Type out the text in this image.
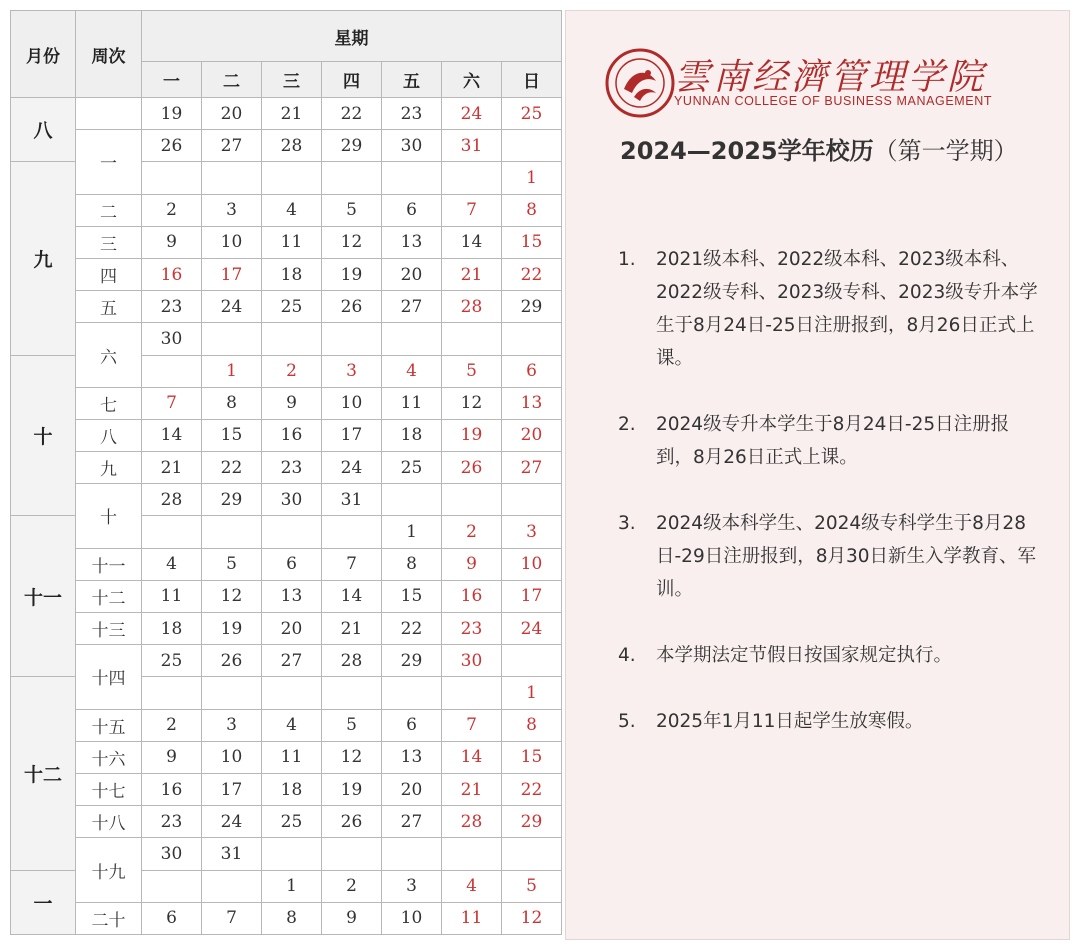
月份	周次	星期						
		一	二	三	四	五	六	日
八		19	20	21	22	23	24	25
	一	26	27	28	29	30	31	
九								1
	二	2	3	4	5	6	7	8
	三	9	10	11	12	13	14	15
	四	16	17	18	19	20	21	22
	五	23	24	25	26	27	28	29
	六	30						
十			1	2	3	4	5	6
	七	7	8	9	10	11	12	13
	八	14	15	16	17	18	19	20
	九	21	22	23	24	25	26	27
	十	28	29	30	31			
十一						1	2	3
	十一	4	5	6	7	8	9	10
	十二	11	12	13	14	15	16	17
	十三	18	19	20	21	22	23	24
	十四	25	26	27	28	29	30	
十二								1
	十五	2	3	4	5	6	7	8
	十六	9	10	11	12	13	14	15
	十七	16	17	18	19	20	21	22
	十八	23	24	25	26	27	28	29
	十九	30	31					
一				1	2	3	4	5
	二十	6	7	8	9	10	11	12
雲南经濟管理学院
YUNNAN COLLEGE OF BUSINESS MANAGEMENT
2024—2025学年校历（第一学期）
1. 2021级本科、2022级本科、2023级本科、2022级专科、2023级专科、2023级专升本学生于8月24日-25日注册报到，8月26日正式上课。
2. 2024级专升本学生于8月24日-25日注册报到，8月26日正式上课。
3. 2024级本科学生、2024级专科学生于8月28日-29日注册报到，8月30日新生入学教育、军训。
4. 本学期法定节假日按国家规定执行。
5. 2025年1月11日起学生放寒假。
